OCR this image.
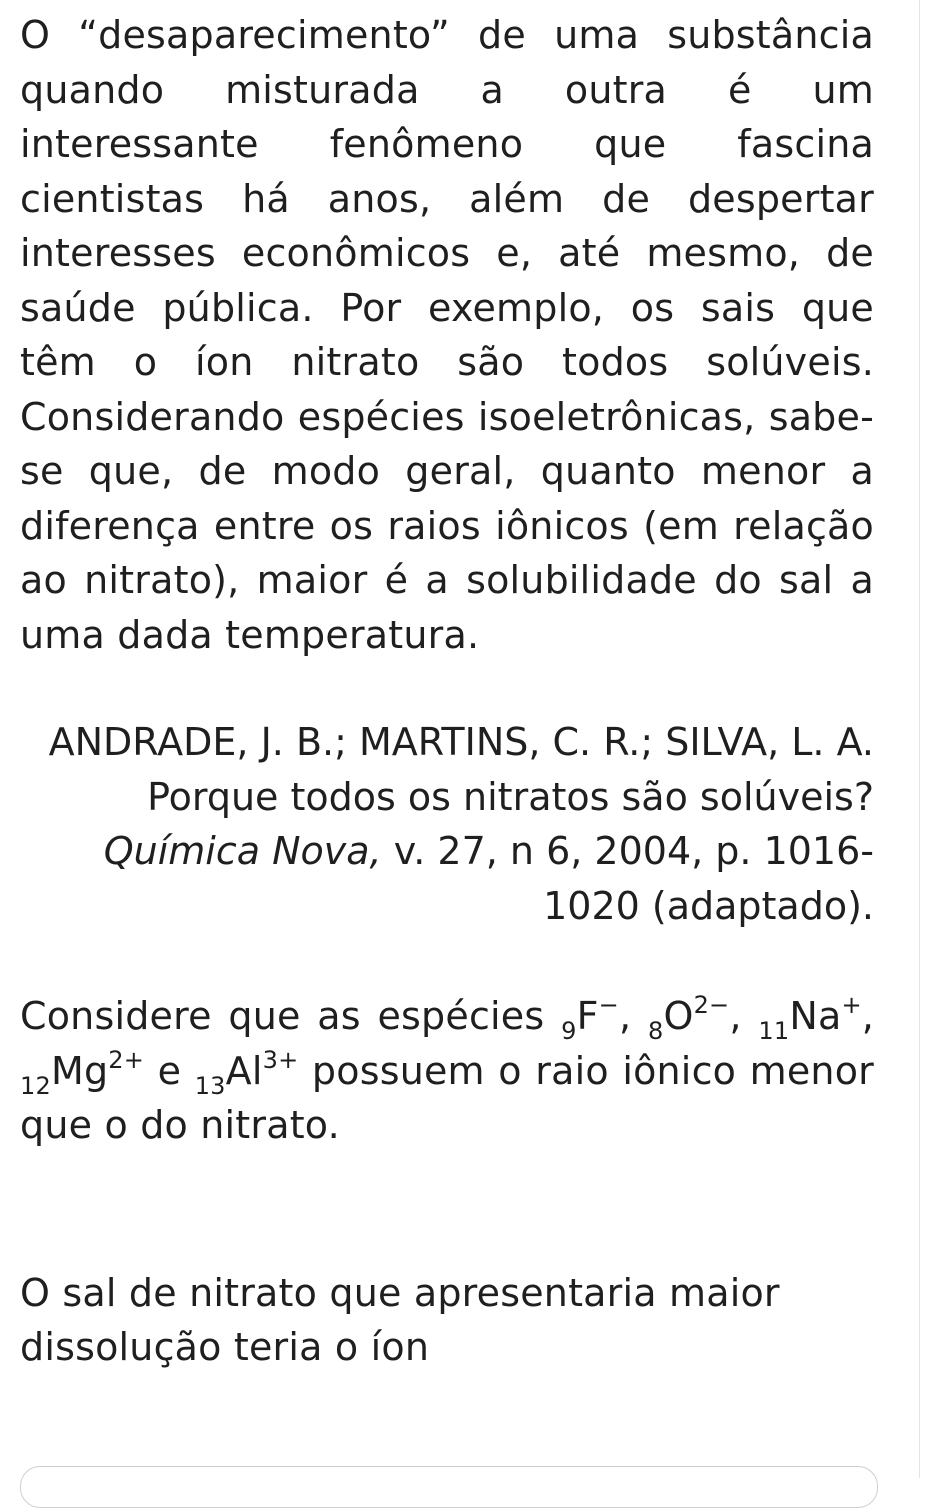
O “desaparecimento” de uma substância quando misturada a outra é um interessante fenômeno que fascina cientistas há anos, além de despertar interesses econômicos e, até mesmo, de saúde pública. Por exemplo, os sais que têm o íon nitrato são todos solúveis. Considerando espécies isoeletrônicas, sabe-se que, de modo geral, quanto menor a diferença entre os raios iônicos (em relação ao nitrato), maior é a solubilidade do sal a uma dada temperatura.

ANDRADE, J. B.; MARTINS, C. R.; SILVA, L. A. Porque todos os nitratos são solúveis? Química Nova, v. 27, n 6, 2004, p. 1016-1020 (adaptado).

Considere que as espécies $_9$F−, $_8O^{2-}$, $_{11}$Na+, $_{12}Mg^{2+}$ e $_{13}Al^{3+}$ possuem o raio iônico menor que o do nitrato.

O sal de nitrato que apresentaria maior dissolução teria o íon
